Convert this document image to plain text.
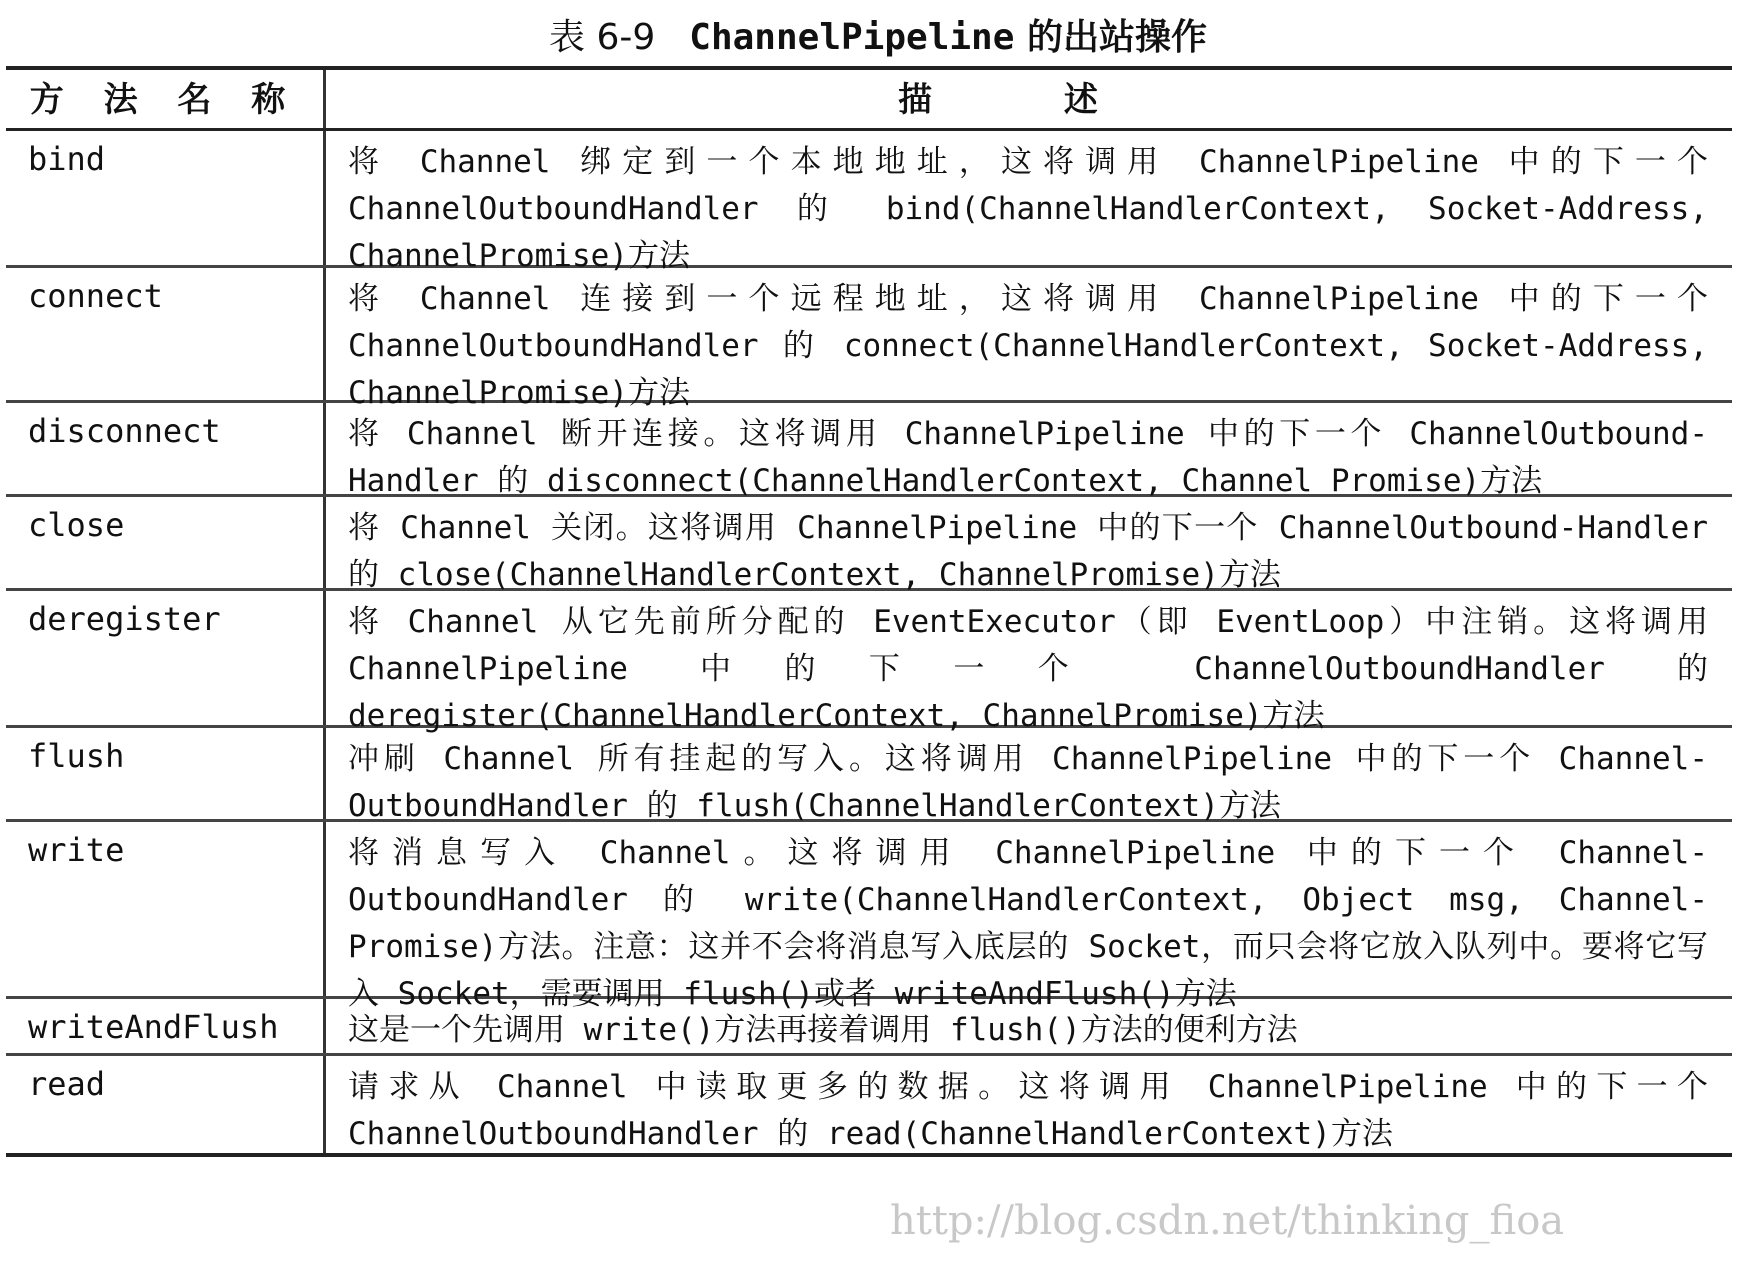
表 6-9 ChannelPipeline 的出站操作
方 法 名 称	描 述
bind	将 Channel 绑定到一个本地地址，这将调用 ChannelPipeline 中的下一个 ChannelOutboundHandler 的 bind(ChannelHandlerContext, Socket-Address, ChannelPromise)方法
connect	将 Channel 连接到一个远程地址，这将调用 ChannelPipeline 中的下一个 ChannelOutboundHandler 的 connect(ChannelHandlerContext, Socket-Address, ChannelPromise)方法
disconnect	将 Channel 断开连接。这将调用 ChannelPipeline 中的下一个 ChannelOutbound-Handler 的 disconnect(ChannelHandlerContext, Channel Promise)方法
close	将 Channel 关闭。这将调用 ChannelPipeline 中的下一个 ChannelOutbound-Handler 的 close(ChannelHandlerContext, ChannelPromise)方法
deregister	将 Channel 从它先前所分配的 EventExecutor（即 EventLoop）中注销。这将调用 ChannelPipeline 中的下一个 ChannelOutboundHandler 的 deregister(ChannelHandlerContext, ChannelPromise)方法
flush	冲刷 Channel 所有挂起的写入。这将调用 ChannelPipeline 中的下一个 Channel-OutboundHandler 的 flush(ChannelHandlerContext)方法
write	将消息写入 Channel。这将调用 ChannelPipeline 中的下一个 Channel-OutboundHandler 的 write(ChannelHandlerContext, Object msg, Channel-Promise)方法。注意：这并不会将消息写入底层的 Socket，而只会将它放入队列中。要将它写入 Socket，需要调用 flush()或者 writeAndFlush()方法
writeAndFlush	这是一个先调用 write()方法再接着调用 flush()方法的便利方法
read	请求从 Channel 中读取更多的数据。这将调用 ChannelPipeline 中的下一个 ChannelOutboundHandler 的 read(ChannelHandlerContext)方法
http://blog.csdn.net/thinking_fioa
